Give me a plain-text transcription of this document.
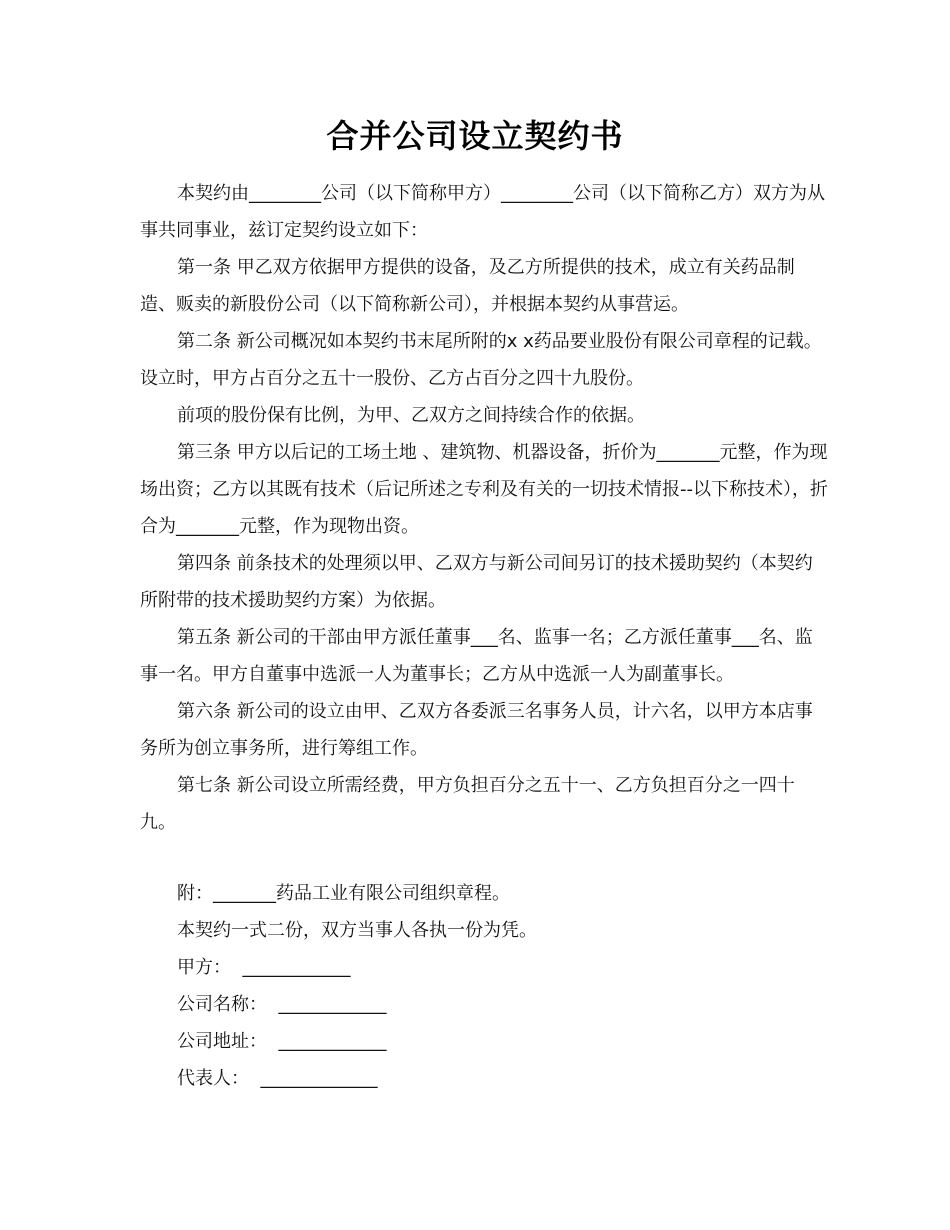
合并公司设立契约书

本契约由________公司（以下简称甲方）________公司（以下简称乙方）双方为从事共同事业，兹订定契约设立如下：

第一条 甲乙双方依据甲方提供的设备，及乙方所提供的技术，成立有关药品制造、贩卖的新股份公司（以下简称新公司），并根据本契约从事营运。

第二条 新公司概况如本契约书末尾所附的x x药品要业股份有限公司章程的记载。设立时，甲方占百分之五十一股份、乙方占百分之四十九股份。

前项的股份保有比例，为甲、乙双方之间持续合作的依据。

第三条 甲方以后记的工场土地 、建筑物、机器设备，折价为_______元整，作为现场出资；乙方以其既有技术（后记所述之专利及有关的一切技术情报--以下称技术），折合为_______元整，作为现物出资。

第四条 前条技术的处理须以甲、乙双方与新公司间另订的技术援助契约（本契约所附带的技术援助契约方案）为依据。

第五条 新公司的干部由甲方派任董事___名、监事一名；乙方派任董事___名、监事一名。甲方自董事中选派一人为董事长；乙方从中选派一人为副董事长。

第六条 新公司的设立由甲、乙双方各委派三名事务人员，计六名，以甲方本店事务所为创立事务所，进行筹组工作。

第七条 新公司设立所需经费，甲方负担百分之五十一、乙方负担百分之一四十九。

附：_______药品工业有限公司组织章程。

本契约一式二份，双方当事人各执一份为凭。

甲方：  ____________

公司名称：  ____________

公司地址：  ____________

代表人：  _____________
